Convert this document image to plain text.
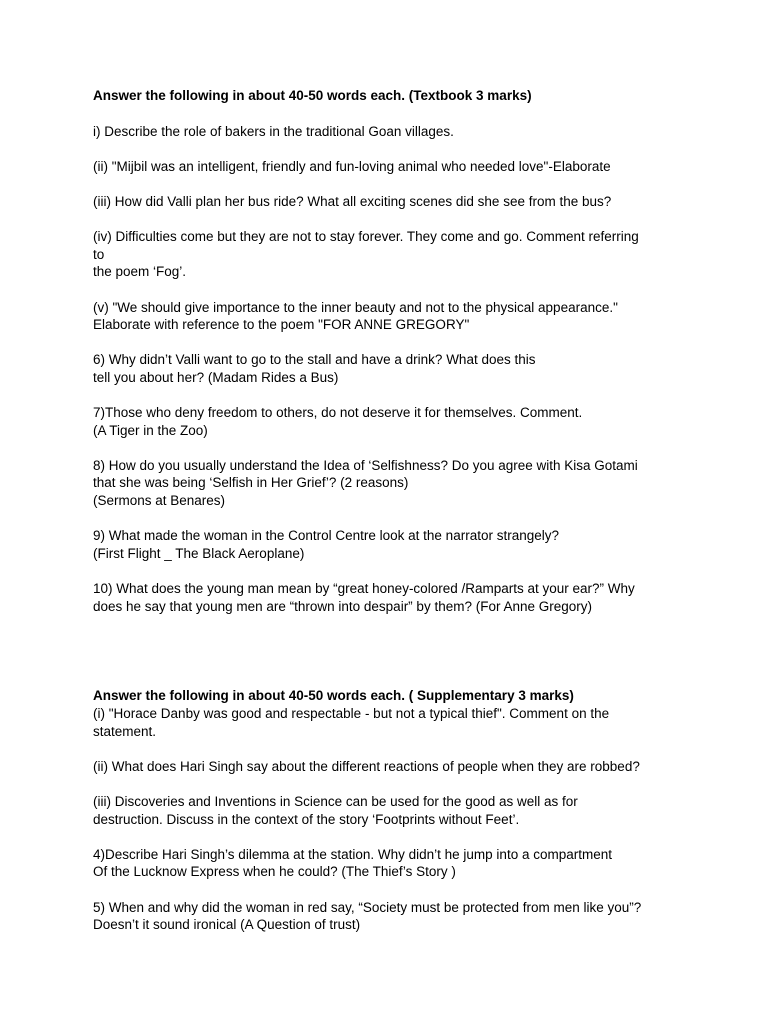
Answer the following in about 40-50 words each. (Textbook 3 marks)

i) Describe the role of bakers in the traditional Goan villages.

(ii) "Mijbil was an intelligent, friendly and fun-loving animal who needed love"-Elaborate

(iii) How did Valli plan her bus ride? What all exciting scenes did she see from the bus?

(iv) Difficulties come but they are not to stay forever. They come and go. Comment referring
to
the poem ‘Fog’.

(v) "We should give importance to the inner beauty and not to the physical appearance."
Elaborate with reference to the poem "FOR ANNE GREGORY"

6) Why didn’t Valli want to go to the stall and have a drink? What does this
tell you about her? (Madam Rides a Bus)

7)Those who deny freedom to others, do not deserve it for themselves. Comment.
(A Tiger in the Zoo)

8) How do you usually understand the Idea of ‘Selfishness? Do you agree with Kisa Gotami
that she was being ‘Selfish in Her Grief’? (2 reasons)
(Sermons at Benares)

9) What made the woman in the Control Centre look at the narrator strangely?
(First Flight _ The Black Aeroplane)

10) What does the young man mean by “great honey-colored /Ramparts at your ear?” Why
does he say that young men are “thrown into despair” by them? (For Anne Gregory)

Answer the following in about 40-50 words each. ( Supplementary 3 marks)

(i) "Horace Danby was good and respectable - but not a typical thief". Comment on the
statement.

(ii) What does Hari Singh say about the different reactions of people when they are robbed?

(iii) Discoveries and Inventions in Science can be used for the good as well as for
destruction. Discuss in the context of the story ‘Footprints without Feet’.

4)Describe Hari Singh’s dilemma at the station. Why didn’t he jump into a compartment
Of the Lucknow Express when he could? (The Thief’s Story )

5) When and why did the woman in red say, “Society must be protected from men like you”?
Doesn’t it sound ironical (A Question of trust)
